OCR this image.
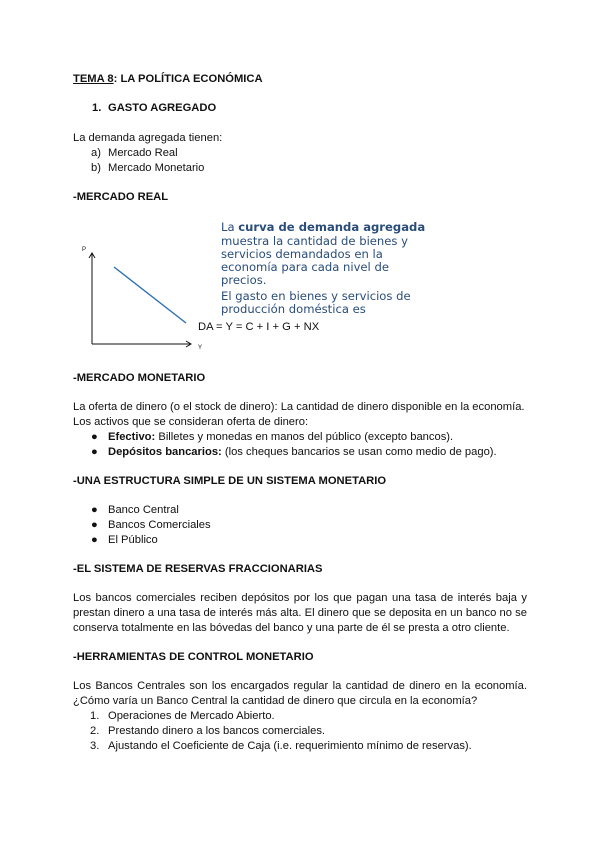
TEMA 8: LA POLÍTICA ECONÓMICA
1. GASTO AGREGADO
La demanda agregada tienen:
a) Mercado Real
b) Mercado Monetario
-MERCADO REAL
La curva de demanda agregada
muestra la cantidad de bienes y
servicios demandados en la
economía para cada nivel de
precios.
El gasto en bienes y servicios de
producción doméstica es
P
Y
DA = Y = C + I + G + NX
-MERCADO MONETARIO
La oferta de dinero (o el stock de dinero): La cantidad de dinero disponible en la economía.
Los activos que se consideran oferta de dinero:
● Efectivo: Billetes y monedas en manos del público (excepto bancos).
● Depósitos bancarios: (los cheques bancarios se usan como medio de pago).
-UNA ESTRUCTURA SIMPLE DE UN SISTEMA MONETARIO
● Banco Central
● Bancos Comerciales
● El Público
-EL SISTEMA DE RESERVAS FRACCIONARIAS
Los bancos comerciales reciben depósitos por los que pagan una tasa de interés baja y
prestan dinero a una tasa de interés más alta. El dinero que se deposita en un banco no se
conserva totalmente en las bóvedas del banco y una parte de él se presta a otro cliente.
-HERRAMIENTAS DE CONTROL MONETARIO
Los Bancos Centrales son los encargados regular la cantidad de dinero en la economía.
¿Cómo varía un Banco Central la cantidad de dinero que circula en la economía?
1. Operaciones de Mercado Abierto.
2. Prestando dinero a los bancos comerciales.
3. Ajustando el Coeficiente de Caja (i.e. requerimiento mínimo de reservas).
